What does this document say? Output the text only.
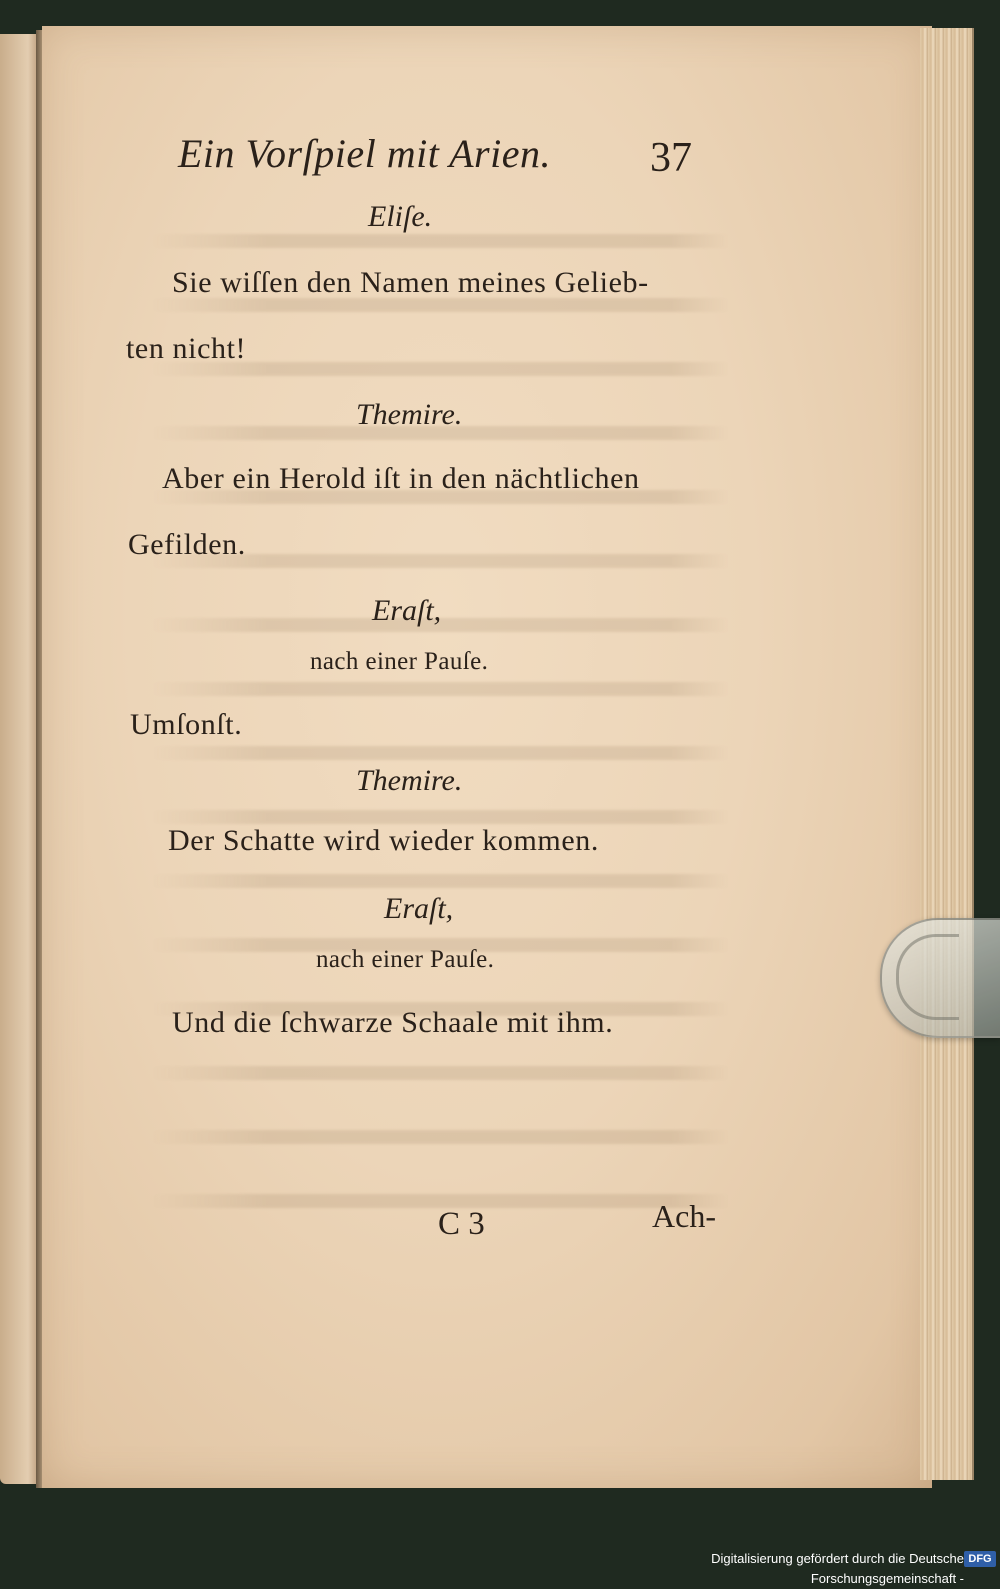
Ein Vorſpiel mit Arien. 37
Eliſe.
Sie wiſſen den Namen meines Gelieb-
ten nicht!
Themire.
Aber ein Herold iſt in den nächtlichen
Gefilden.
Eraſt,
nach einer Pauſe.
Umſonſt.
Themire.
Der Schatte wird wieder kommen.
Eraſt,
nach einer Pauſe.
Und die ſchwarze Schaale mit ihm.
C 3	Ach-
Digitalisierung gefördert durch die Deutsche Forschungsgemeinschaft -
DFG
